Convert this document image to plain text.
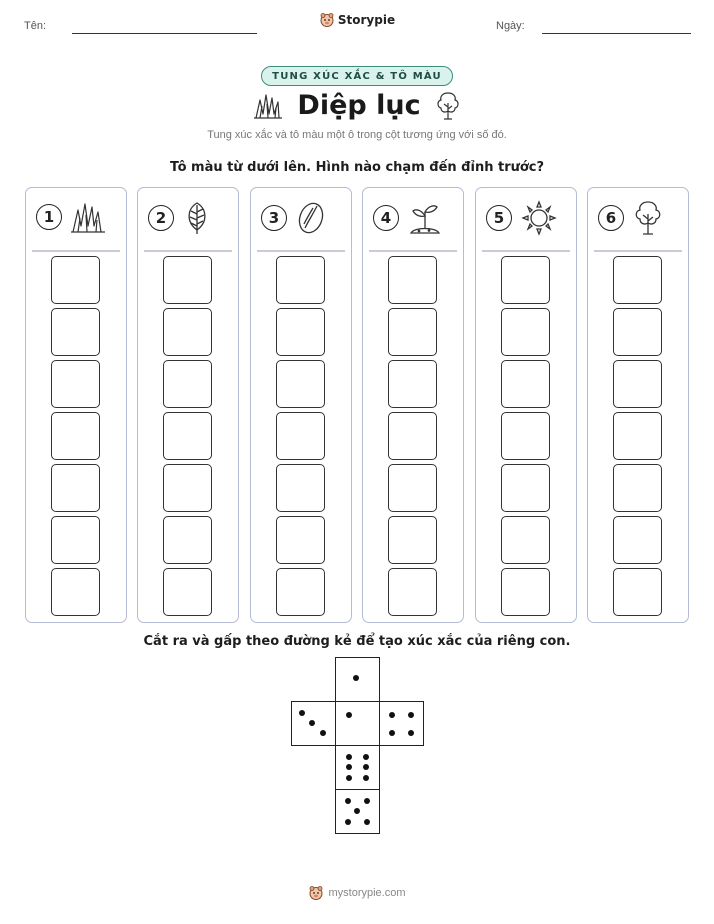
Tên:	Storypie	Ngày:
TUNG XÚC XẮC & TÔ MÀU
Diệp lục
Tung xúc xắc và tô màu một ô trong cột tương ứng với số đó.
Tô màu từ dưới lên. Hình nào chạm đến đỉnh trước?
1	2	3	4	5	6
Cắt ra và gấp theo đường kẻ để tạo xúc xắc của riêng con.
mystorypie.com
